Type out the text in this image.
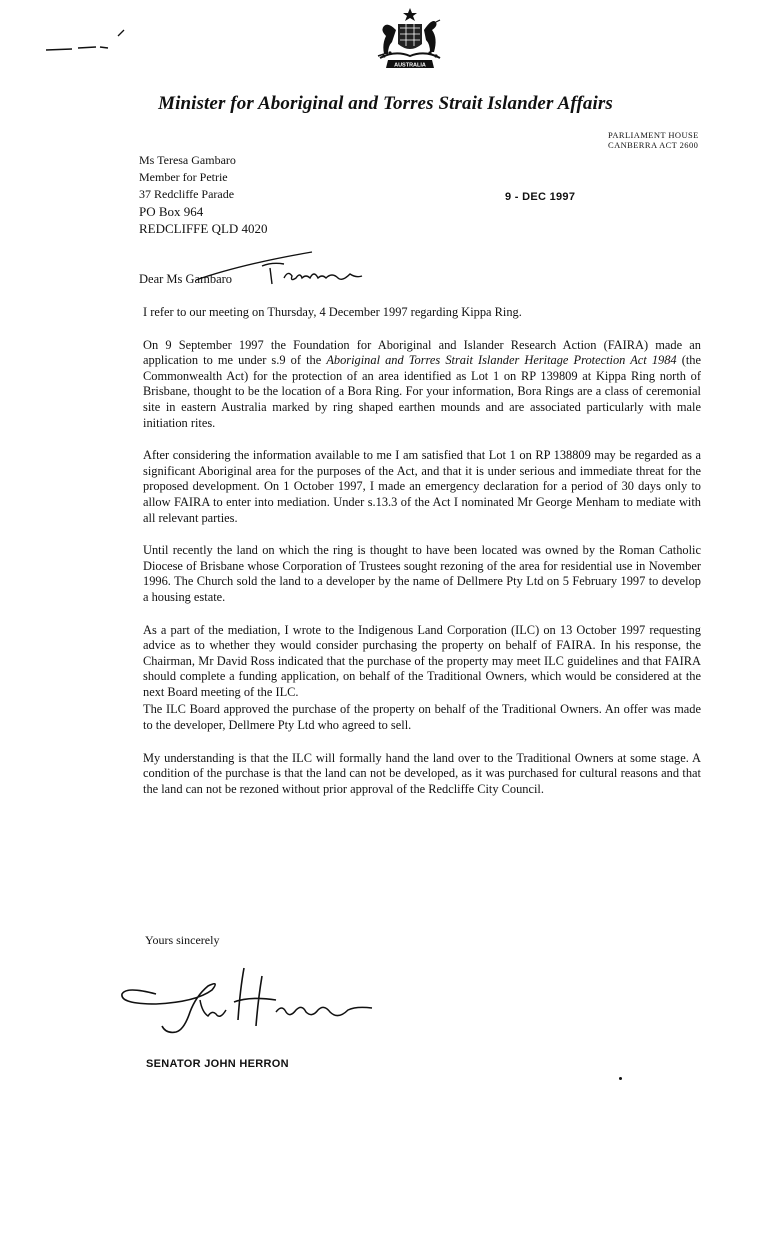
AUSTRALIA
Minister for Aboriginal and Torres Strait Islander Affairs
PARLIAMENT HOUSE
CANBERRA ACT 2600
Ms Teresa Gambaro
Member for Petrie
37 Redcliffe Parade
PO Box 964
REDCLIFFE QLD 4020
9 - DEC 1997
Dear Ms Gambaro

I refer to our meeting on Thursday, 4 December 1997 regarding Kippa Ring.

On 9 September 1997 the Foundation for Aboriginal and Islander Research Action (FAIRA) made an application to me under s.9 of the Aboriginal and Torres Strait Islander Heritage Protection Act 1984 (the Commonwealth Act) for the protection of an area identified as Lot 1 on RP 139809 at Kippa Ring north of Brisbane, thought to be the location of a Bora Ring. For your information, Bora Rings are a class of ceremonial site in eastern Australia marked by ring shaped earthen mounds and are associated particularly with male initiation rites.

After considering the information available to me I am satisfied that Lot 1 on RP 138809 may be regarded as a significant Aboriginal area for the purposes of the Act, and that it is under serious and immediate threat for the proposed development. On 1 October 1997, I made an emergency declaration for a period of 30 days only to allow FAIRA to enter into mediation. Under s.13.3 of the Act I nominated Mr George Menham to mediate with all relevant parties.

Until recently the land on which the ring is thought to have been located was owned by the Roman Catholic Diocese of Brisbane whose Corporation of Trustees sought rezoning of the area for residential use in November 1996. The Church sold the land to a developer by the name of Dellmere Pty Ltd on 5 February 1997 to develop a housing estate.

As a part of the mediation, I wrote to the Indigenous Land Corporation (ILC) on 13 October 1997 requesting advice as to whether they would consider purchasing the property on behalf of FAIRA. In his response, the Chairman, Mr David Ross indicated that the purchase of the property may meet ILC guidelines and that FAIRA should complete a funding application, on behalf of the Traditional Owners, which would be considered at the next Board meeting of the ILC.

The ILC Board approved the purchase of the property on behalf of the Traditional Owners. An offer was made to the developer, Dellmere Pty Ltd who agreed to sell.

My understanding is that the ILC will formally hand the land over to the Traditional Owners at some stage. A condition of the purchase is that the land can not be developed, as it was purchased for cultural reasons and that the land can not be rezoned without prior approval of the Redcliffe City Council.

Yours sincerely
SENATOR JOHN HERRON
